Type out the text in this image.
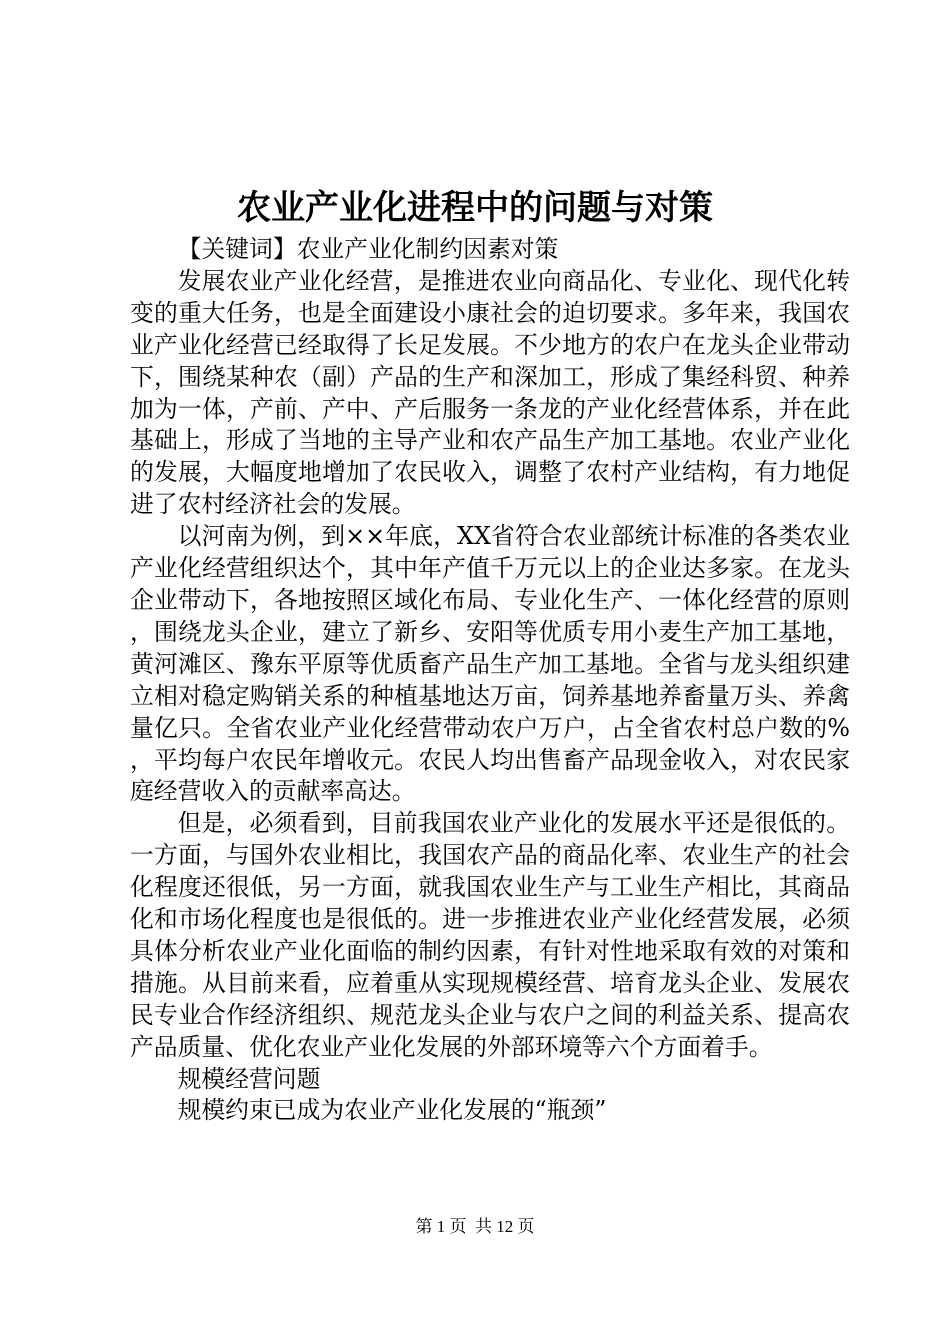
农业产业化进程中的问题与对策

【关键词】农业产业化制约因素对策

发展农业产业化经营，是推进农业向商品化、专业化、现代化转变的重大任务，也是全面建设小康社会的迫切要求。多年来，我国农业产业化经营已经取得了长足发展。不少地方的农户在龙头企业带动下，围绕某种农（副）产品的生产和深加工，形成了集经科贸、种养加为一体，产前、产中、产后服务一条龙的产业化经营体系，并在此基础上，形成了当地的主导产业和农产品生产加工基地。农业产业化的发展，大幅度地增加了农民收入，调整了农村产业结构，有力地促进了农村经济社会的发展。

以河南为例，到××年底，XX省符合农业部统计标准的各类农业产业化经营组织达个，其中年产值千万元以上的企业达多家。在龙头企业带动下，各地按照区域化布局、专业化生产、一体化经营的原则，围绕龙头企业，建立了新乡、安阳等优质专用小麦生产加工基地，黄河滩区、豫东平原等优质畜产品生产加工基地。全省与龙头组织建立相对稳定购销关系的种植基地达万亩，饲养基地养畜量万头、养禽量亿只。全省农业产业化经营带动农户万户，占全省农村总户数的%，平均每户农民年增收元。农民人均出售畜产品现金收入，对农民家庭经营收入的贡献率高达。

但是，必须看到，目前我国农业产业化的发展水平还是很低的。一方面，与国外农业相比，我国农产品的商品化率、农业生产的社会化程度还很低，另一方面，就我国农业生产与工业生产相比，其商品化和市场化程度也是很低的。进一步推进农业产业化经营发展，必须具体分析农业产业化面临的制约因素，有针对性地采取有效的对策和措施。从目前来看，应着重从实现规模经营、培育龙头企业、发展农民专业合作经济组织、规范龙头企业与农户之间的利益关系、提高农产品质量、优化农业产业化发展的外部环境等六个方面着手。

规模经营问题

规模约束已成为农业产业化发展的“瓶颈”

第 1 页  共 12 页
